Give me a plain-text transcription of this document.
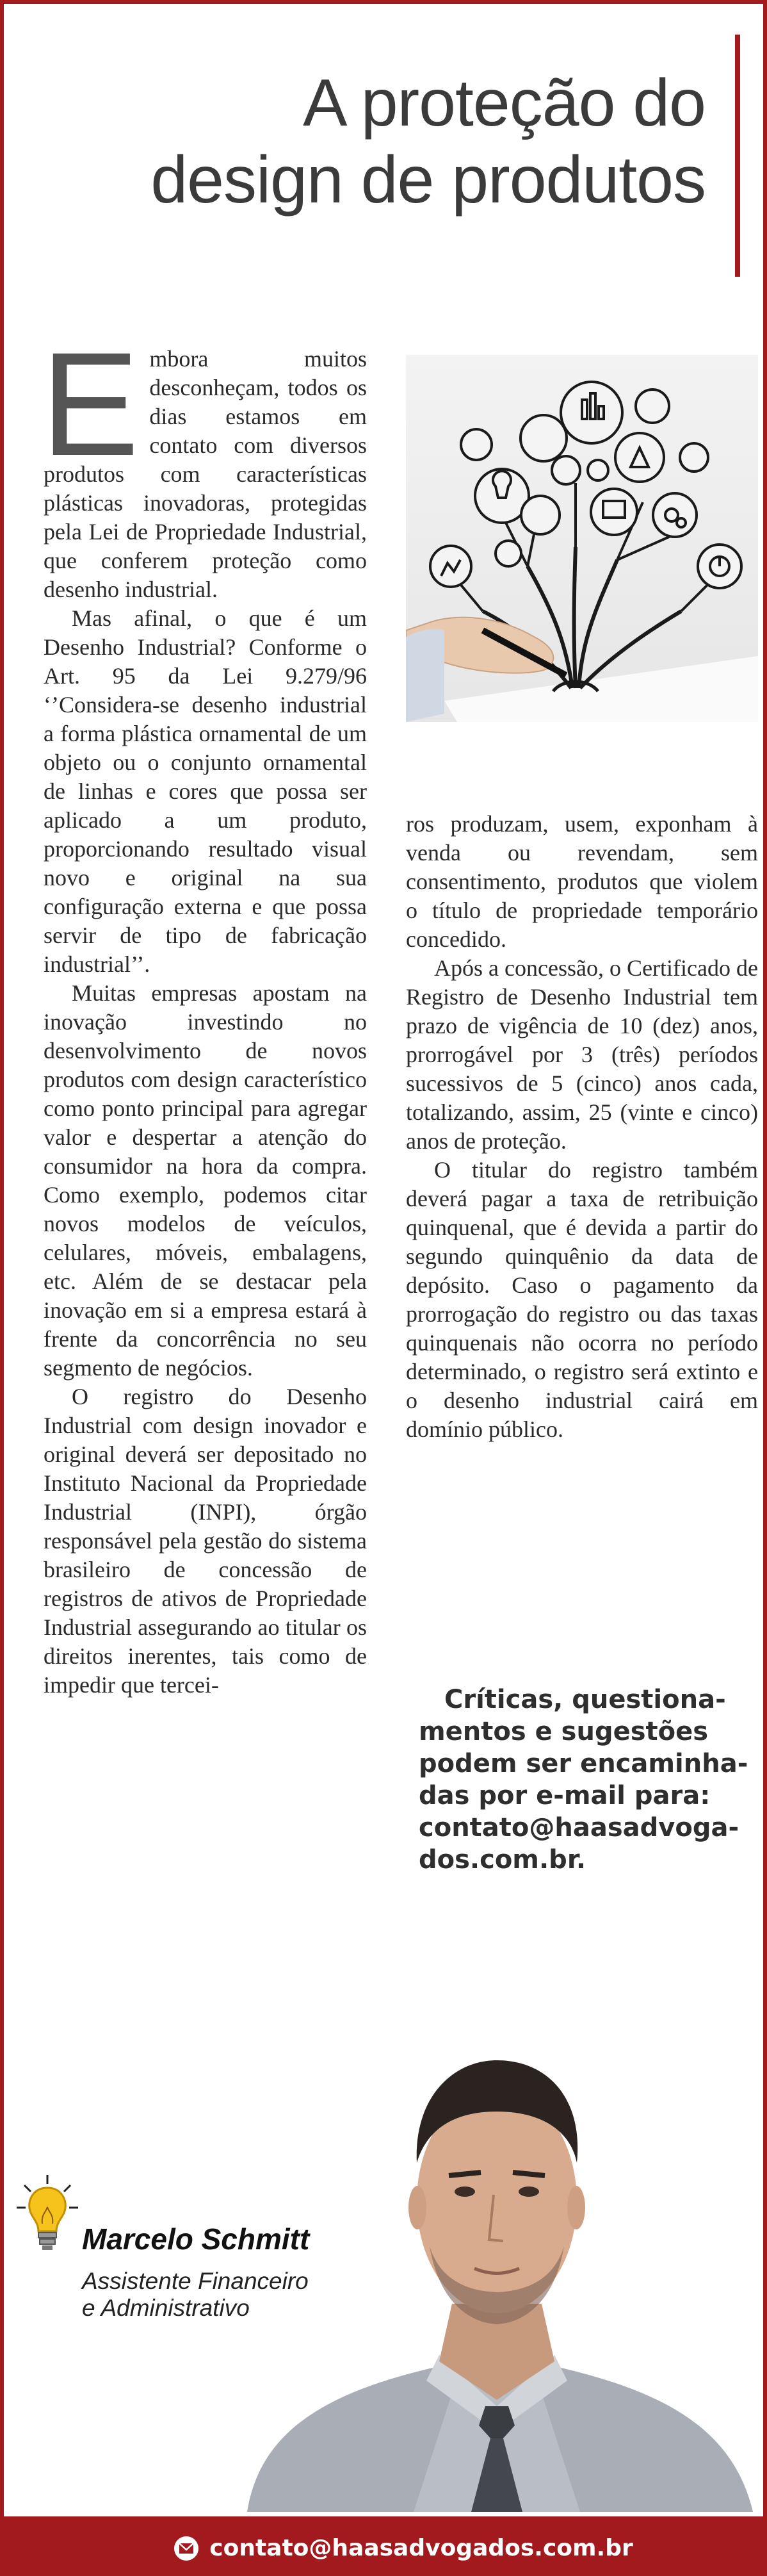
A proteção do
design de produtos

E mbora muitos desconheçam, todos os dias estamos em contato com diversos produtos com características plásticas inovadoras, protegidas pela Lei de Propriedade Industrial, que conferem proteção como desenho industrial.

Mas afinal, o que é um Desenho Industrial? Conforme o Art. 95 da Lei 9.279/96 ‘’Considera-se desenho industrial a forma plástica ornamental de um objeto ou o conjunto ornamental de linhas e cores que possa ser aplicado a um produto, proporcionando resultado visual novo e original na sua configuração externa e que possa servir de tipo de fabricação industrial’’.

Muitas empresas apostam na inovação investindo no desenvolvimento de novos produtos com design característico como ponto principal para agregar valor e despertar a atenção do consumidor na hora da compra. Como exemplo, podemos citar novos modelos de veículos, celulares, móveis, embalagens, etc. Além de se destacar pela inovação em si a empresa estará à frente da concorrência no seu segmento de negócios.

O registro do Desenho Industrial com design inovador e original deverá ser depositado no Instituto Nacional da Propriedade Industrial (INPI), órgão responsável pela gestão do sistema brasileiro de concessão de registros de ativos de Propriedade Industrial assegurando ao titular os direitos inerentes, tais como de impedir que tercei-

ros produzam, usem, exponham à venda ou revendam, sem consentimento, produtos que violem o título de propriedade temporário concedido.

Após a concessão, o Certificado de Registro de Desenho Industrial tem prazo de vigência de 10 (dez) anos, prorrogável por 3 (três) períodos sucessivos de 5 (cinco) anos cada, totalizando, assim, 25 (vinte e cinco) anos de proteção.

O titular do registro também deverá pagar a taxa de retribuição quinquenal, que é devida a partir do segundo quinquênio da data de depósito. Caso o pagamento da prorrogação do registro ou das taxas quinquenais não ocorra no período determinado, o registro será extinto e o desenho industrial cairá em domínio público.

Críticas, questiona-
mentos e sugestões
podem ser encaminha-
das por e-mail para:
contato@haasadvoga-
dos.com.br.
Marcelo Schmitt
Assistente Financeiro
e Administrativo
contato@haasadvogados.com.br
